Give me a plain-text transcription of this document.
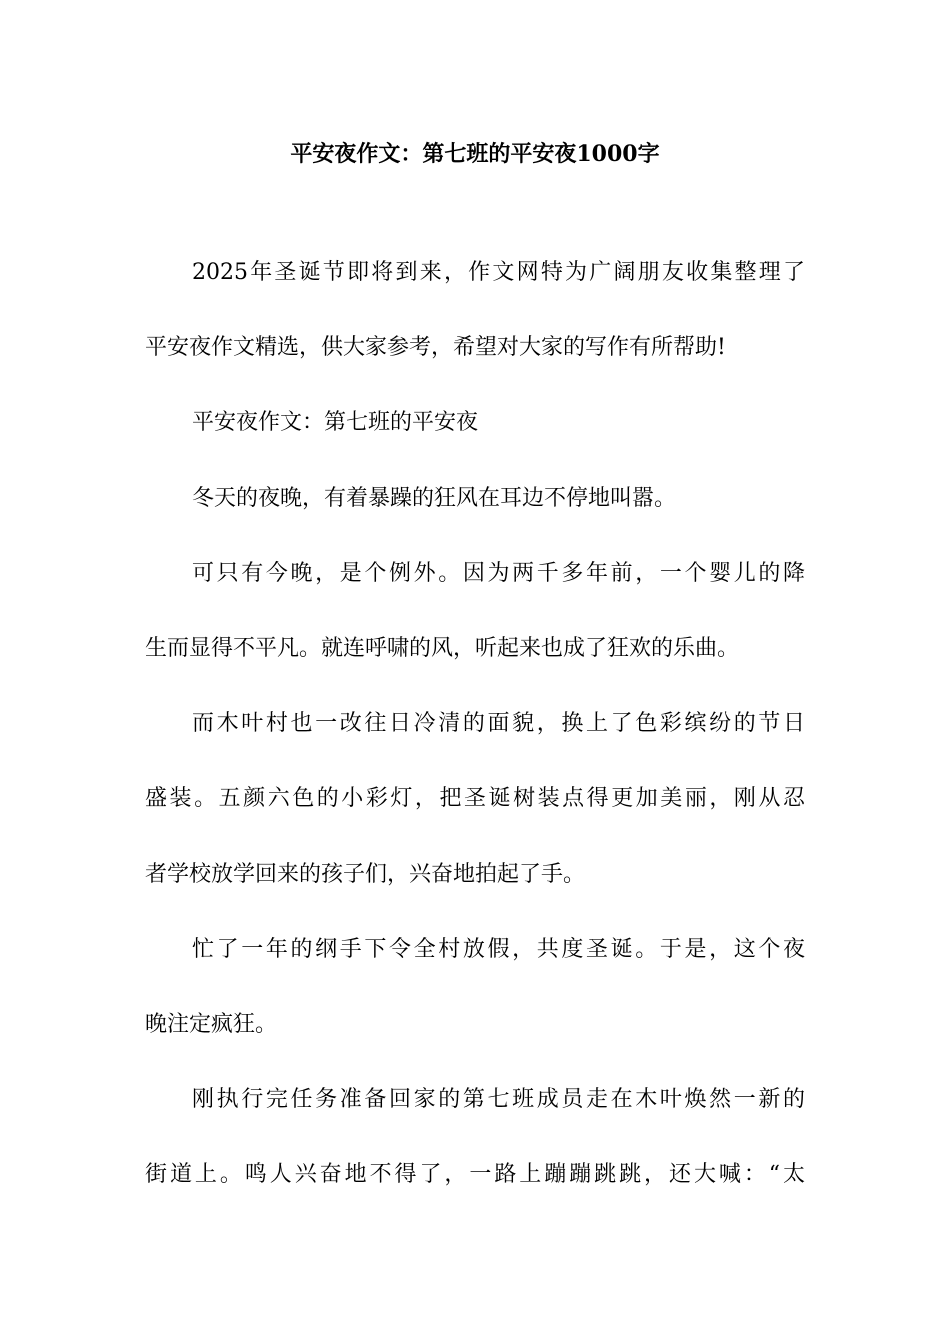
平安夜作文：第七班的平安夜1000字
2025年圣诞节即将到来，作文网特为广阔朋友收集整理了
平安夜作文精选，供大家参考，希望对大家的写作有所帮助!
平安夜作文：第七班的平安夜
冬天的夜晚，有着暴躁的狂风在耳边不停地叫嚣。
可只有今晚，是个例外。因为两千多年前，一个婴儿的降
生而显得不平凡。就连呼啸的风，听起来也成了狂欢的乐曲。
而木叶村也一改往日冷清的面貌，换上了色彩缤纷的节日
盛装。五颜六色的小彩灯，把圣诞树装点得更加美丽，刚从忍
者学校放学回来的孩子们，兴奋地拍起了手。
忙了一年的纲手下令全村放假，共度圣诞。于是，这个夜
晚注定疯狂。
刚执行完任务准备回家的第七班成员走在木叶焕然一新的
街道上。鸣人兴奋地不得了，一路上蹦蹦跳跳，还大喊：“太
